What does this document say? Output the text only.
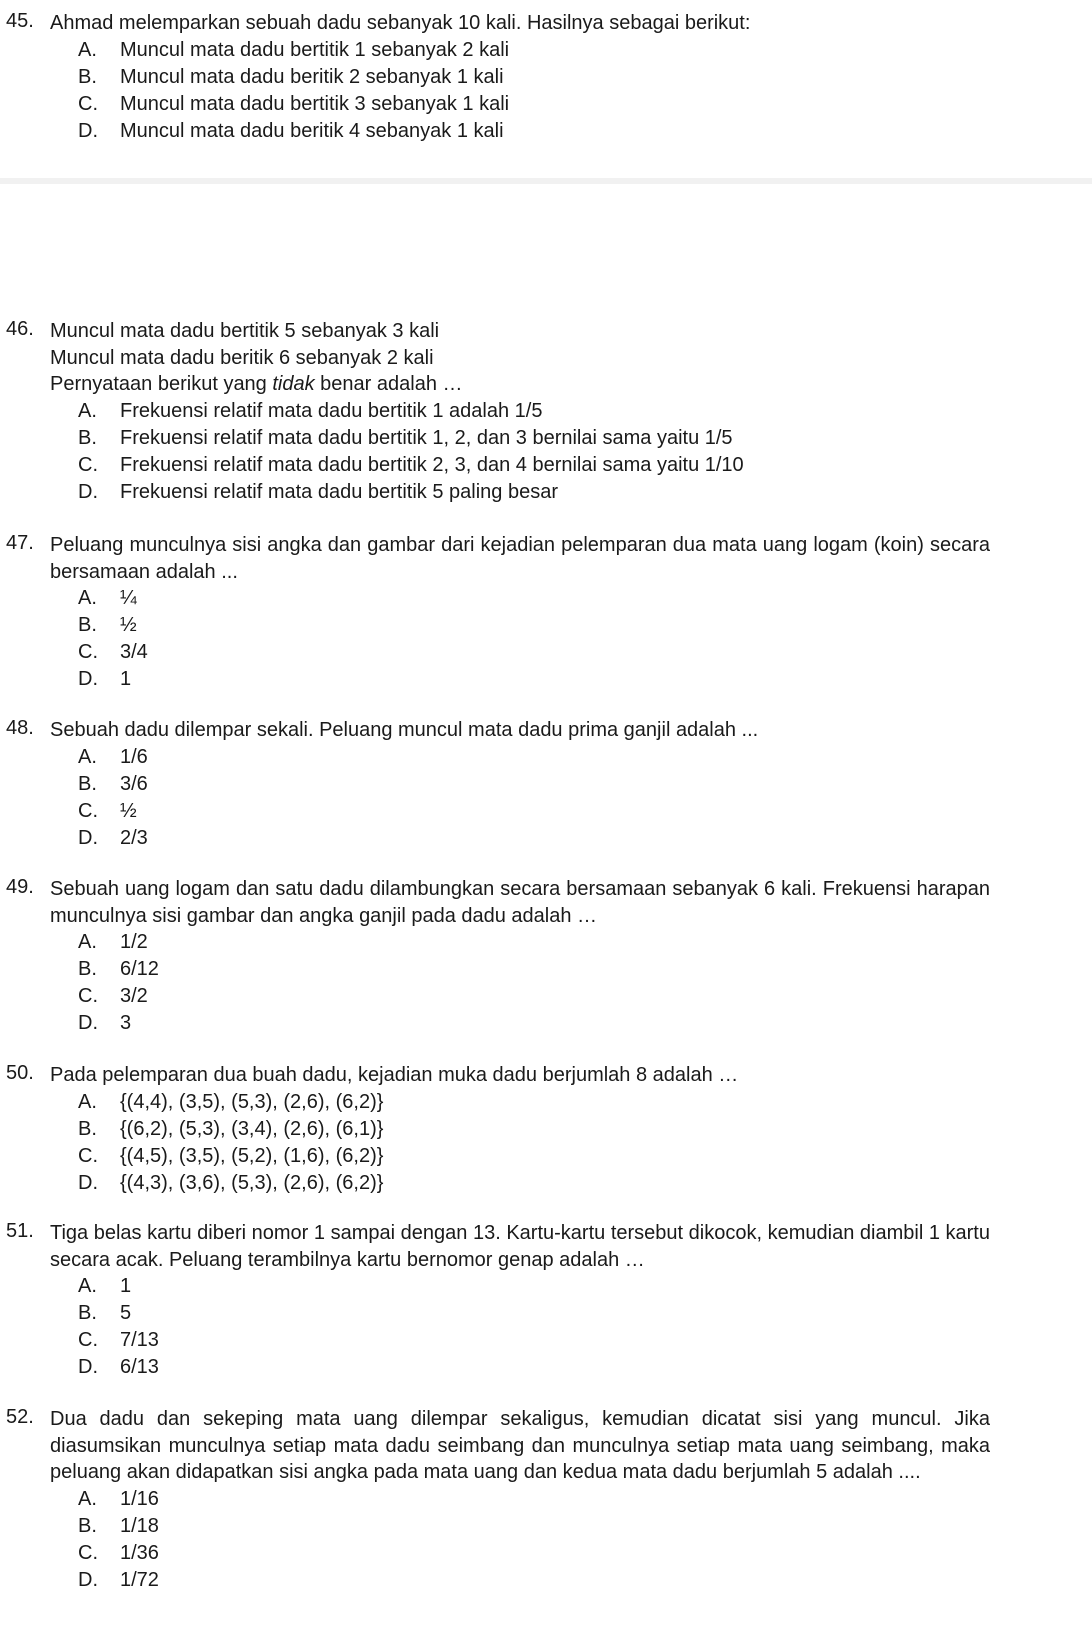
45. Ahmad melemparkan sebuah dadu sebanyak 10 kali. Hasilnya sebagai berikut:
A. Muncul mata dadu bertitik 1 sebanyak 2 kali
B. Muncul mata dadu beritik 2 sebanyak 1 kali
C. Muncul mata dadu bertitik 3 sebanyak 1 kali
D. Muncul mata dadu beritik 4 sebanyak 1 kali
46. Muncul mata dadu bertitik 5 sebanyak 3 kali
Muncul mata dadu beritik 6 sebanyak 2 kali
Pernyataan berikut yang tidak benar adalah …
A. Frekuensi relatif mata dadu bertitik 1 adalah 1/5
B. Frekuensi relatif mata dadu bertitik 1, 2, dan 3 bernilai sama yaitu 1/5
C. Frekuensi relatif mata dadu bertitik 2, 3, dan 4 bernilai sama yaitu 1/10
D. Frekuensi relatif mata dadu bertitik 5 paling besar
47. Peluang munculnya sisi angka dan gambar dari kejadian pelemparan dua mata uang logam (koin) secara bersamaan adalah ...
A. ¼
B. ½
C. 3/4
D. 1
48. Sebuah dadu dilempar sekali. Peluang muncul mata dadu prima ganjil adalah ...
A. 1/6
B. 3/6
C. ½
D. 2/3
49. Sebuah uang logam dan satu dadu dilambungkan secara bersamaan sebanyak 6 kali. Frekuensi harapan munculnya sisi gambar dan angka ganjil pada dadu adalah …
A. 1/2
B. 6/12
C. 3/2
D. 3
50. Pada pelemparan dua buah dadu, kejadian muka dadu berjumlah 8 adalah …
A. {(4,4), (3,5), (5,3), (2,6), (6,2)}
B. {(6,2), (5,3), (3,4), (2,6), (6,1)}
C. {(4,5), (3,5), (5,2), (1,6), (6,2)}
D. {(4,3), (3,6), (5,3), (2,6), (6,2)}
51. Tiga belas kartu diberi nomor 1 sampai dengan 13. Kartu-kartu tersebut dikocok, kemudian diambil 1 kartu secara acak. Peluang terambilnya kartu bernomor genap adalah …
A. 1
B. 5
C. 7/13
D. 6/13
52. Dua dadu dan sekeping mata uang dilempar sekaligus, kemudian dicatat sisi yang muncul. Jika diasumsikan munculnya setiap mata dadu seimbang dan munculnya setiap mata uang seimbang, maka peluang akan didapatkan sisi angka pada mata uang dan kedua mata dadu berjumlah 5 adalah ....
A. 1/16
B. 1/18
C. 1/36
D. 1/72
